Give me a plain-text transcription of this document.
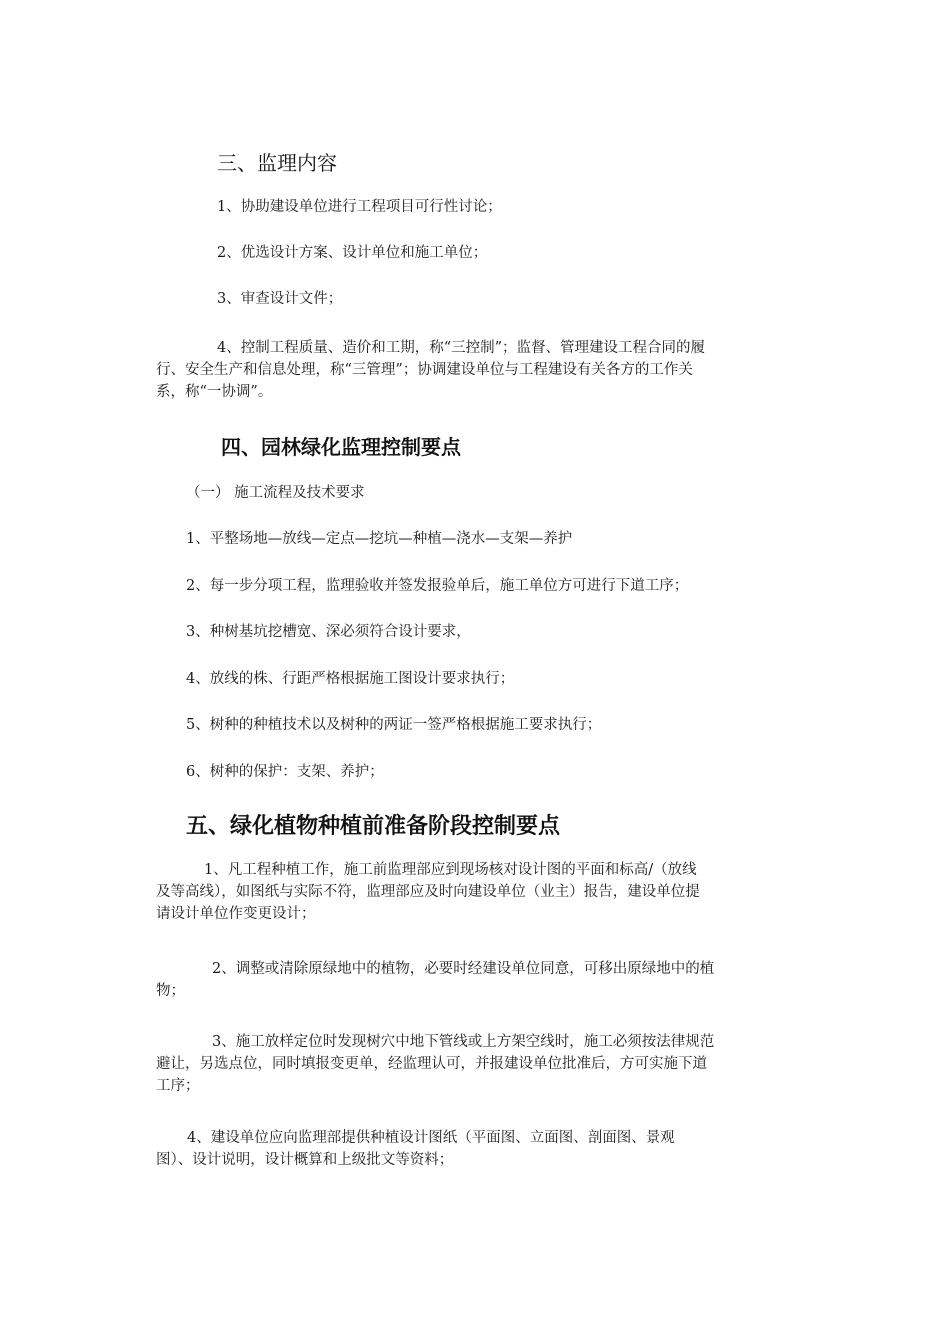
三、监理内容
1、协助建设单位进行工程项目可行性讨论；
2、优选设计方案、设计单位和施工单位；
3、审查设计文件；
4、控制工程质量、造价和工期，称“三控制”；监督、管理建设工程合同的履
行、安全生产和信息处理，称“三管理”；协调建设单位与工程建设有关各方的工作关
系，称“一协调”。
四、园林绿化监理控制要点
（一） 施工流程及技术要求
1、平整场地—放线—定点—挖坑—种植—浇水—支架—养护
2、每一步分项工程，监理验收并签发报验单后，施工单位方可进行下道工序；
3、种树基坑挖槽宽、深必须符合设计要求，
4、放线的株、行距严格根据施工图设计要求执行；
5、树种的种植技术以及树种的两证一签严格根据施工要求执行；
6、树种的保护：支架、养护；
五、绿化植物种植前准备阶段控制要点
1、凡工程种植工作，施工前监理部应到现场核对设计图的平面和标高/（放线
及等高线），如图纸与实际不符，监理部应及时向建设单位（业主）报告，建设单位提
请设计单位作变更设计；
2、调整或清除原绿地中的植物，必要时经建设单位同意，可移出原绿地中的植
物；
3、施工放样定位时发现树穴中地下管线或上方架空线时，施工必须按法律规范
避让，另选点位，同时填报变更单，经监理认可，并报建设单位批准后，方可实施下道
工序；
4、建设单位应向监理部提供种植设计图纸（平面图、立面图、剖面图、景观
图）、设计说明，设计概算和上级批文等资料；
